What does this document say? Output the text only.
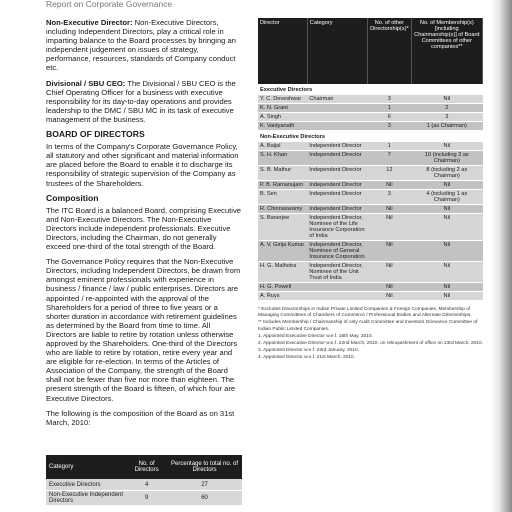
Report on Corporate Governance

Non-Executive Director: Non-Executive Directors, including Independent Directors, play a critical role in imparting balance to the Board processes by bringing an independent judgement on issues of strategy, performance, resources, standards of Company conduct etc.

Divisional / SBU CEO: The Divisional / SBU CEO is the Chief Operating Officer for a business with executive responsibility for its day-to-day operations and provides leadership to the DMC / SBU MC in its task of executive management of the business.

BOARD OF DIRECTORS

In terms of the Company's Corporate Governance Policy, all statutory and other significant and material information are placed before the Board to enable it to discharge its responsibility of strategic supervision of the Company as trustees of the Shareholders.

Composition

The ITC Board is a balanced Board, comprising Executive and Non-Executive Directors. The Non-Executive Directors include independent professionals. Executive Directors, including the Chairman, do not generally exceed one-third of the total strength of the Board.

The Governance Policy requires that the Non-Executive Directors, including Independent Directors, be drawn from amongst eminent professionals with experience in business / finance / law / public enterprises. Directors are appointed / re-appointed with the approval of the Shareholders for a period of three to five years or a shorter duration in accordance with retirement guidelines as determined by the Board from time to time. All Directors are liable to retire by rotation unless otherwise approved by the Shareholders. One-third of the Directors who are liable to retire by rotation, retire every year and are eligible for re-election. In terms of the Articles of Association of the Company, the strength of the Board shall not be fewer than five nor more than eighteen. The present strength of the Board is fifteen, of which four are Executive Directors.

The following is the composition of the Board as on 31st March, 2010:

Category	No. of Directors	Percentage to total no. of Directors
Executive Directors	4	27
Non-Executive Independent Directors	9	60
Director	Category	No. of other Directorship(s)*	No. of Membership(s) [including Chairmanship(s)] of Board Committees of other companies**
Executive Directors			
Y. C. Deveshwar	Chairman	3	Nil
K. N. Grant		1	2
A. Singh		6	3
K. Vaidyanath		3	1 (as Chairman)
Non-Executive Directors			
A. Baijal	Independent Director	1	Nil
S. H. Khan	Independent Director	7	10 (including 3 as Chairman)
S. B. Mathur	Independent Director	12	8 (including 2 as Chairman)
P. B. Ramanujam	Independent Director	Nil	Nil
B. Sen	Independent Director	3	4 (including 1 as Chairman)
R. Chinnaswamy	Independent Director	Nil	Nil
S. Banerjee	Independent Director, Nominee of the Life Insurance Corporation of India	Nil	Nil
A. V. Girija Kumar	Independent Director, Nominee of General Insurance Corporation	Nil	Nil
H. G. Malhotra	Independent Director, Nominee of the Unit Trust of India	Nil	Nil
H. G. Powell		Nil	Nil
A. Ruys		Nil	Nil
* Excludes Directorships in Indian Private Limited Companies & Foreign Companies, Membership of Managing Committees of Chambers of Commerce / Professional Bodies and Alternate Directorships.
** Includes Membership / Chairmanship of only Audit Committee and Investors Grievance Committee of Indian Public Limited Companies.
1. Appointed Executive Director w.e.f. 18th May, 2010.
2. Appointed Executive Director w.e.f. 22nd March, 2010, on relinquishment of office on 23rd March, 2010.
3. Appointed Director w.e.f. 23rd January, 2010.
4. Appointed Director w.e.f. 21st March, 2010.
